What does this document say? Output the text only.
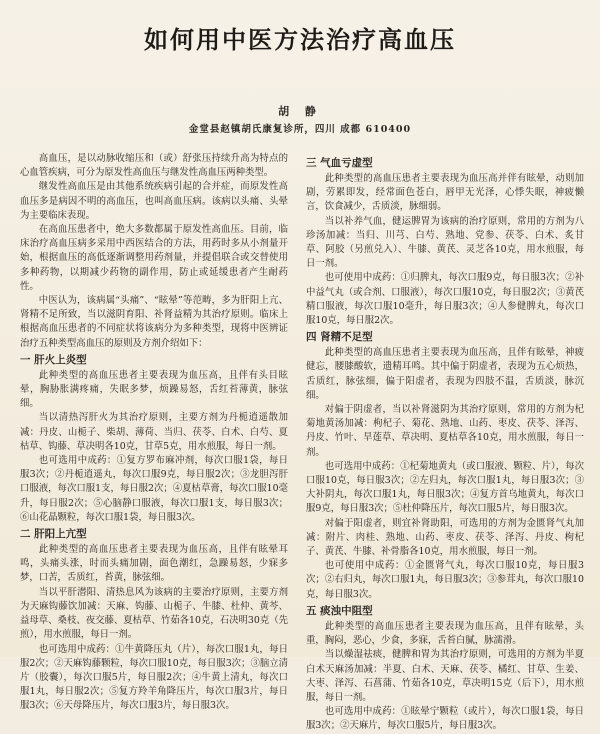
如何用中医方法治疗高血压
胡 静
金堂县赵镇胡氏康复诊所，四川 成都 610400

高血压，是以动脉收缩压和（或）舒张压持续升高为特点的心血管疾病，可分为原发性高血压与继发性高血压两种类型。

继发性高血压是由其他系统疾病引起的合并症，而原发性高血压多是病因不明的高血压，也叫高血压病。该病以头痛、头晕为主要临床表现。

在高血压患者中，绝大多数都属于原发性高血压。目前，临床治疗高血压病多采用中西医结合的方法，用药时多从小剂量开始，根据血压的高低逐渐调整用药剂量，并提倡联合或交替使用多种药物，以期减少药物的副作用，防止或延缓患者产生耐药性。

中医认为，该病属“头痛”、“眩晕”等范畴，多为肝阳上亢、肾精不足所致，当以滋阴育阳、补肾益精为其治疗原则。临床上根据高血压患者的不同症状将该病分为多种类型，现将中医辨证治疗五种类型高血压的原则及方剂介绍如下：

一 肝火上炎型

此种类型的高血压患者主要表现为血压高，且伴有头目眩晕，胸胁胀满疼痛，失眠多梦，烦躁易怒，舌红苔薄黄，脉弦细。

当以清热泻肝火为其治疗原则，主要方剂为丹栀逍遥散加减：丹皮、山栀子、柴胡、薄荷、当归、茯苓、白术、白芍、夏枯草、钩藤、草决明各10克，甘草5克，用水煎服，每日一剂。

也可选用中成药：①复方罗布麻冲剂，每次口服1袋，每日服3次；②丹栀逍遥丸，每次口服9克，每日服2次；③龙胆泻肝口服液，每次口服1支，每日服2次；④夏枯草膏，每次口服10毫升，每日服2次；⑤心脑静口服液，每次口服1支，每日服3次；⑥山花晶颗粒，每次口服1袋，每日服3次。

二 肝阳上亢型

此种类型的高血压患者主要表现为血压高，且伴有眩晕耳鸣，头痛头涨，时而头痛加剧，面色潮红，急躁易怒，少寐多梦，口苦，舌质红，苔黄，脉弦细。

当以平肝潜阳、清热息风为该病的主要治疗原则，主要方剂为天麻钩藤饮加减：天麻、钩藤、山栀子、牛膝、杜仲、黄芩、益母草、桑枝、夜交藤、夏枯草、竹茹各10克，石决明30克（先煎），用水煎服，每日一剂。

也可选用中成药：①牛黄降压丸（片），每次口服1丸，每日服2次；②天麻钩藤颗粒，每次口服10克，每日服3次；③脑立清片（胶囊），每次口服5片，每日服2次；④牛黄上清丸，每次口服1丸，每日服2次；⑤复方羚羊角降压片，每次口服3片，每日服3次；⑥天母降压片，每次口服3片，每日服3次。

三 气血亏虚型

此种类型的高血压患者主要表现为血压高并伴有眩晕，动则加剧，劳累即发，经常面色苍白，唇甲无光泽，心悸失眠，神疲懒言，饮食减少，舌质淡，脉细弱。

当以补养气血，健运脾胃为该病的治疗原则，常用的方剂为八珍汤加减：当归、川芎、白芍、熟地、党参、茯苓、白术、炙甘草、阿胶（另煎兑入）、牛膝、黄芪、灵芝各10克，用水煎服，每日一剂。

也可使用中成药：①归脾丸，每次口服9克，每日服3次；②补中益气丸（或合剂、口服液），每次口服10克，每日服2次；③黄芪精口服液，每次口服10毫升，每日服3次；④人参健脾丸，每次口服10克，每日服2次。

四 肾精不足型

此种类型的高血压患者主要表现为血压高，且伴有眩晕，神疲健忘，腰膝酸软，遗精耳鸣。其中偏于阴虚者，表现为五心烦热，舌质红，脉弦细，偏于阳虚者，表现为四肢不温，舌质淡，脉沉细。

对偏于阴虚者，当以补肾滋阴为其治疗原则，常用的方剂为杞菊地黄汤加减：枸杞子、菊花、熟地、山药、枣皮、茯苓、泽泻、丹皮、竹叶、旱莲草、草决明、夏枯草各10克，用水煎服，每日一剂。

也可选用中成药：①杞菊地黄丸（或口服液、颗粒、片），每次口服10克，每日服3次；②左归丸，每次口服1丸，每日服3次；③大补阴丸，每次口服1丸，每日服3次；④复方首乌地黄丸，每次口服9克，每日服3次；⑤杜仲降压片，每次口服5片，每日服3次。

对偏于阳虚者，则宜补肾助阳，可选用的方剂为金匮肾气丸加减：附片、肉桂、熟地、山药、枣皮、茯苓、泽泻、丹皮、枸杞子、黄芪、牛膝、补骨脂各10克，用水煎服，每日一剂。

也可使用中成药：①金匮肾气丸，每次口服10克，每日服3次；②右归丸，每次口服1丸，每日服3次；③参茸丸，每次口服10克，每日服3次。

五 痰浊中阻型

此种类型的高血压患者主要表现为血压高，且伴有眩晕，头重，胸闷，恶心，少食，多寐，舌苔白腻，脉濡滑。

当以燥湿祛痰，健脾和胃为其治疗原则，可选用的方剂为半夏白术天麻汤加减：半夏、白术、天麻、茯苓、橘红、甘草、生姜、大枣、泽泻、石菖蒲、竹茹各10克，草决明15克（后下），用水煎服，每日一剂。

也可选用中成药：①眩晕宁颗粒（或片），每次口服1袋，每日服3次；②天麻片，每次口服5片，每日服3次。
